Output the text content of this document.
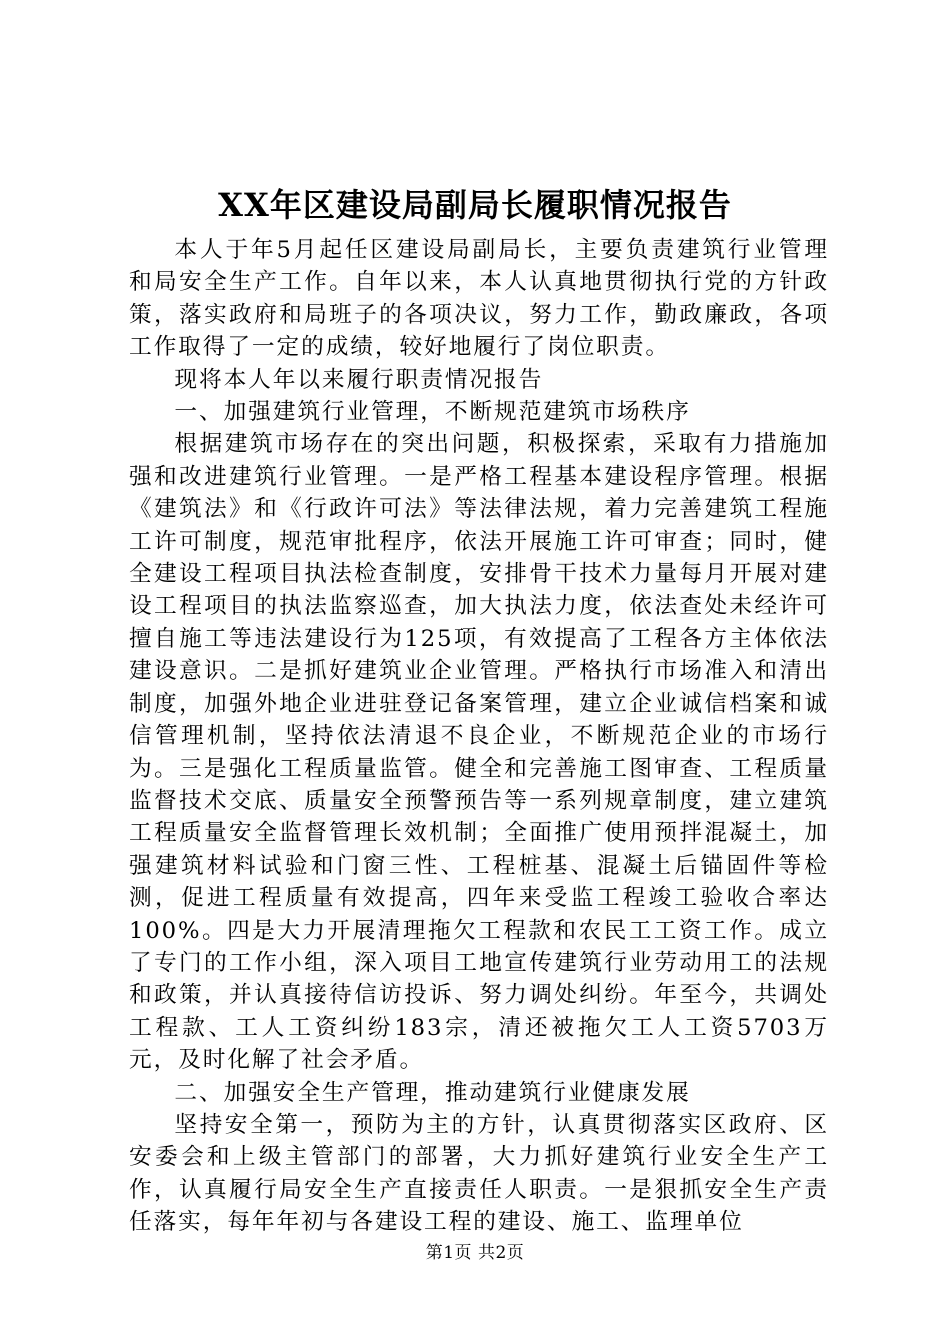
XX年区建设局副局长履职情况报告

本人于年5月起任区建设局副局长，主要负责建筑行业管理和局安全生产工作。自年以来，本人认真地贯彻执行党的方针政策，落实政府和局班子的各项决议，努力工作，勤政廉政，各项工作取得了一定的成绩，较好地履行了岗位职责。

现将本人年以来履行职责情况报告

一、加强建筑行业管理，不断规范建筑市场秩序

根据建筑市场存在的突出问题，积极探索，采取有力措施加强和改进建筑行业管理。一是严格工程基本建设程序管理。根据《建筑法》和《行政许可法》等法律法规，着力完善建筑工程施工许可制度，规范审批程序，依法开展施工许可审查；同时，健全建设工程项目执法检查制度，安排骨干技术力量每月开展对建设工程项目的执法监察巡查，加大执法力度，依法查处未经许可擅自施工等违法建设行为125项，有效提高了工程各方主体依法建设意识。二是抓好建筑业企业管理。严格执行市场准入和清出制度，加强外地企业进驻登记备案管理，建立企业诚信档案和诚信管理机制，坚持依法清退不良企业，不断规范企业的市场行为。三是强化工程质量监管。健全和完善施工图审查、工程质量监督技术交底、质量安全预警预告等一系列规章制度，建立建筑工程质量安全监督管理长效机制；全面推广使用预拌混凝土，加强建筑材料试验和门窗三性、工程桩基、混凝土后锚固件等检测，促进工程质量有效提高，四年来受监工程竣工验收合率达100%。四是大力开展清理拖欠工程款和农民工工资工作。成立了专门的工作小组，深入项目工地宣传建筑行业劳动用工的法规和政策，并认真接待信访投诉、努力调处纠纷。年至今，共调处工程款、工人工资纠纷183宗，清还被拖欠工人工资5703万元，及时化解了社会矛盾。

二、加强安全生产管理，推动建筑行业健康发展

坚持安全第一，预防为主的方针，认真贯彻落实区政府、区安委会和上级主管部门的部署，大力抓好建筑行业安全生产工作，认真履行局安全生产直接责任人职责。一是狠抓安全生产责任落实，每年年初与各建设工程的建设、施工、监理单位

第1页 共2页
